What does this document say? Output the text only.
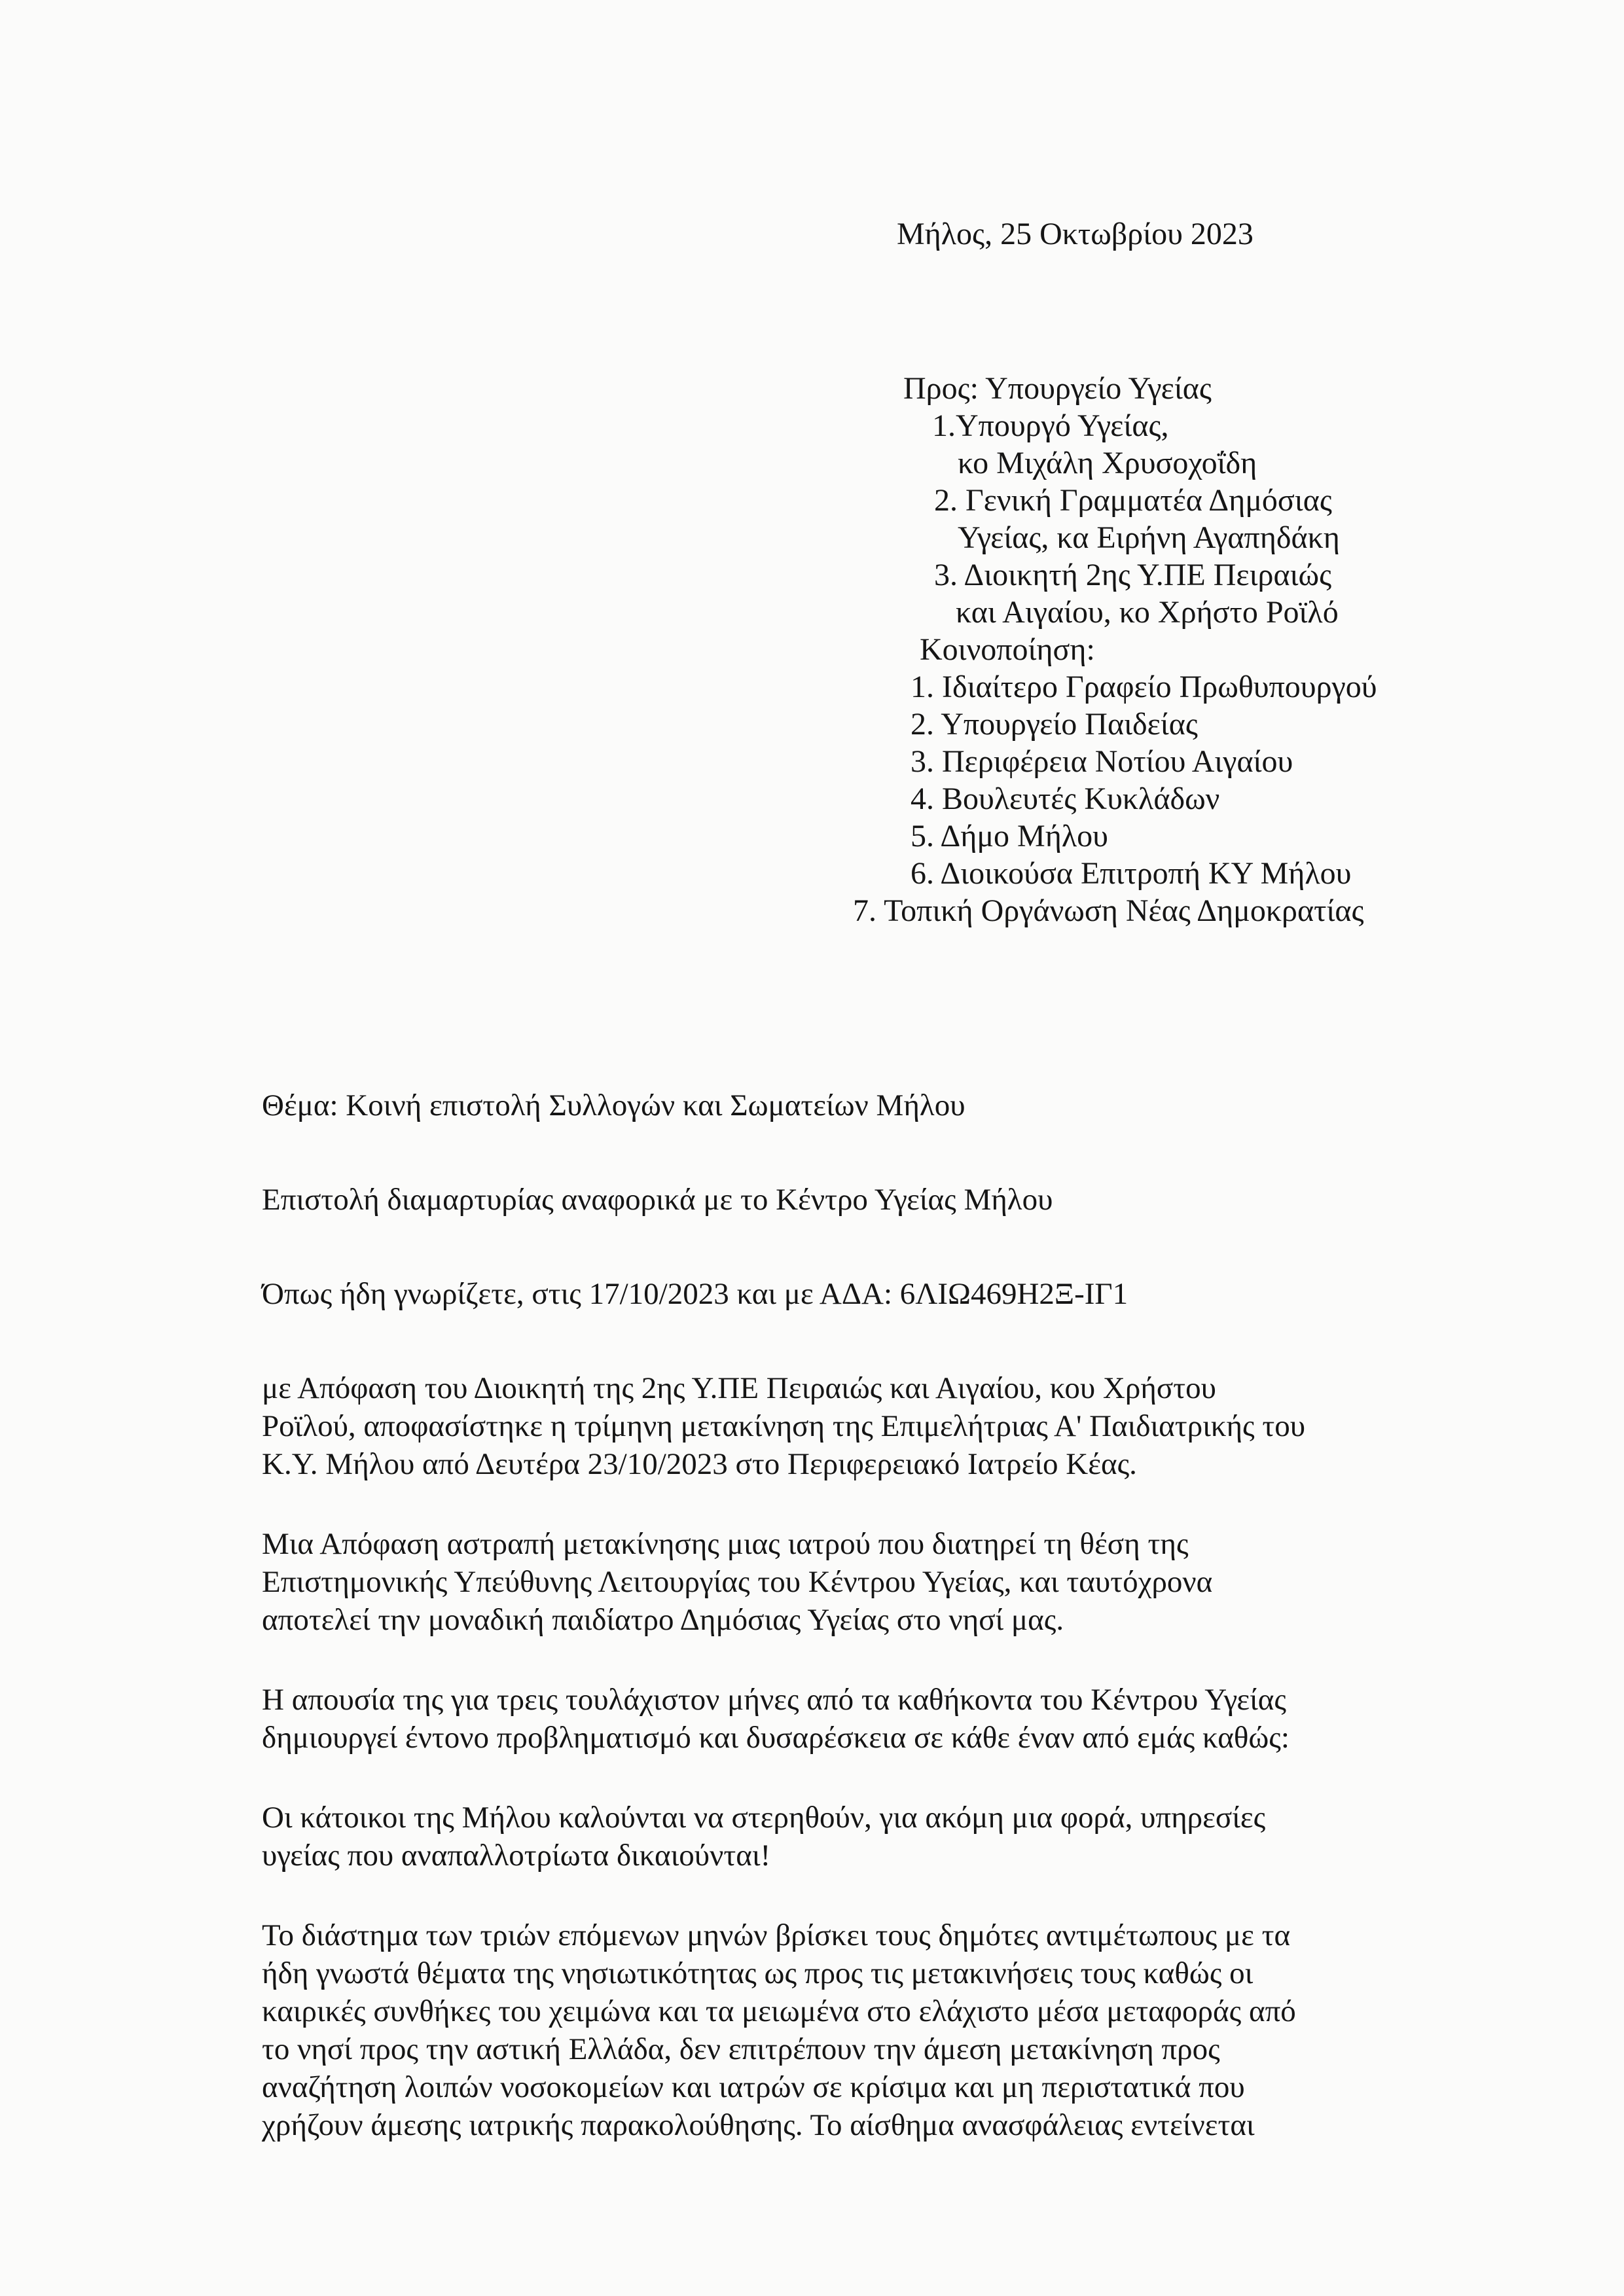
Μήλος, 25 Οκτωβρίου 2023
Προς: Υπουργείο Υγείας
1.Υπουργό Υγείας,
κο Μιχάλη Χρυσοχοΐδη
2. Γενική Γραμματέα Δημόσιας
Υγείας, κα Ειρήνη Αγαπηδάκη
3. Διοικητή 2ης Υ.ΠΕ Πειραιώς
και Αιγαίου, κο Χρήστο Ροϊλό
Κοινοποίηση:
1. Ιδιαίτερο Γραφείο Πρωθυπουργού
2. Υπουργείο Παιδείας
3. Περιφέρεια Νοτίου Αιγαίου
4. Βουλευτές Κυκλάδων
5. Δήμο Μήλου
6. Διοικούσα Επιτροπή ΚΥ Μήλου
7. Τοπική Οργάνωση Νέας Δημοκρατίας

Θέμα: Κοινή επιστολή Συλλογών και Σωματείων Μήλου

Επιστολή διαμαρτυρίας αναφορικά με το Κέντρο Υγείας Μήλου

Όπως ήδη γνωρίζετε, στις 17/10/2023 και με ΑΔΑ: 6ΛΙΩ469Η2Ξ-ΙΓ1

με Απόφαση του Διοικητή της 2ης Υ.ΠΕ Πειραιώς και Αιγαίου, κου Χρήστου

Ροϊλού, αποφασίστηκε η τρίμηνη μετακίνηση της Επιμελήτριας Α' Παιδιατρικής του

Κ.Υ. Μήλου από Δευτέρα 23/10/2023 στο Περιφερειακό Ιατρείο Κέας.

Μια Απόφαση αστραπή μετακίνησης μιας ιατρού που διατηρεί τη θέση της

Επιστημονικής Υπεύθυνης Λειτουργίας του Κέντρου Υγείας, και ταυτόχρονα

αποτελεί την μοναδική παιδίατρο Δημόσιας Υγείας στο νησί μας.

Η απουσία της για τρεις τουλάχιστον μήνες από τα καθήκοντα του Κέντρου Υγείας

δημιουργεί έντονο προβληματισμό και δυσαρέσκεια σε κάθε έναν από εμάς καθώς:

Οι κάτοικοι της Μήλου καλούνται να στερηθούν, για ακόμη μια φορά, υπηρεσίες

υγείας που αναπαλλοτρίωτα δικαιούνται!

Το διάστημα των τριών επόμενων μηνών βρίσκει τους δημότες αντιμέτωπους με τα

ήδη γνωστά θέματα της νησιωτικότητας ως προς τις μετακινήσεις τους καθώς οι

καιρικές συνθήκες του χειμώνα και τα μειωμένα στο ελάχιστο μέσα μεταφοράς από

το νησί προς την αστική Ελλάδα, δεν επιτρέπουν την άμεση μετακίνηση προς

αναζήτηση λοιπών νοσοκομείων και ιατρών σε κρίσιμα και μη περιστατικά που

χρήζουν άμεσης ιατρικής παρακολούθησης. Το αίσθημα ανασφάλειας εντείνεται
